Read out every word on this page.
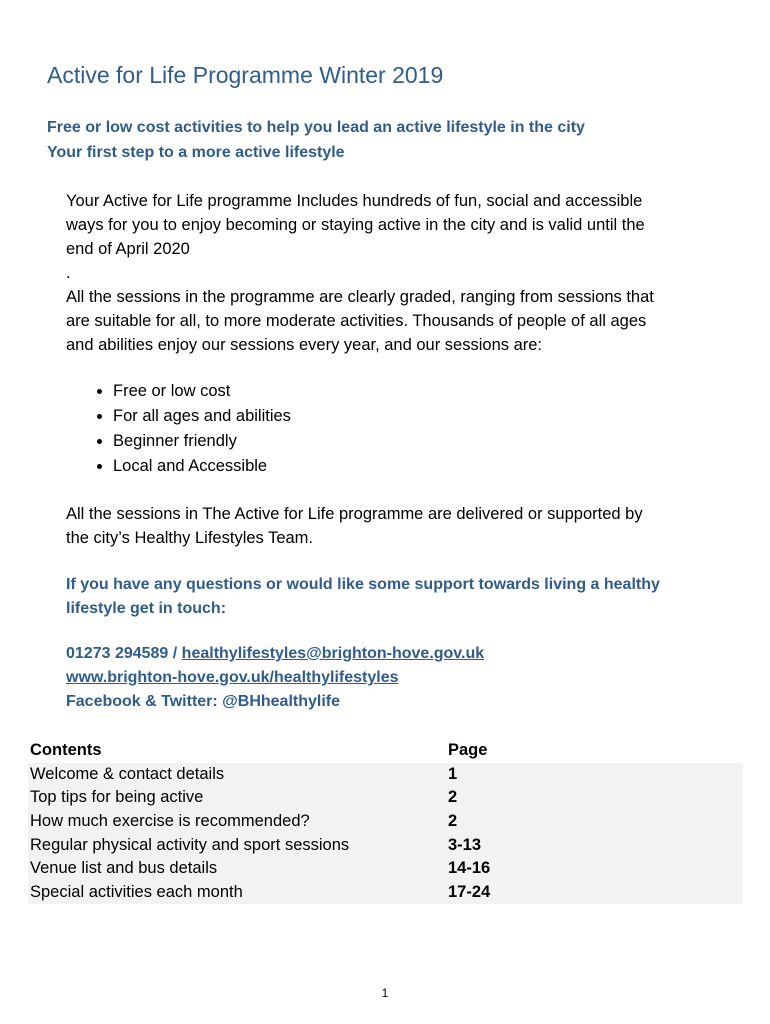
Active for Life Programme Winter 2019
Free or low cost activities to help you lead an active lifestyle in the city
Your first step to a more active lifestyle
Your Active for Life programme Includes hundreds of fun, social and accessible
ways for you to enjoy becoming or staying active in the city and is valid until the
end of April 2020
.
All the sessions in the programme are clearly graded, ranging from sessions that
are suitable for all, to more moderate activities. Thousands of people of all ages
and abilities enjoy our sessions every year, and our sessions are:
• Free or low cost
• For all ages and abilities
• Beginner friendly
• Local and Accessible
All the sessions in The Active for Life programme are delivered or supported by
the city’s Healthy Lifestyles Team.
If you have any questions or would like some support towards living a healthy
lifestyle get in touch:
01273 294589 / healthylifestyles@brighton-hove.gov.uk
www.brighton-hove.gov.uk/healthylifestyles
Facebook & Twitter: @BHhealthylife
Contents	Page
Welcome & contact details	1
Top tips for being active	2
How much exercise is recommended?	2
Regular physical activity and sport sessions	3-13
Venue list and bus details	14-16
Special activities each month	17-24
1
